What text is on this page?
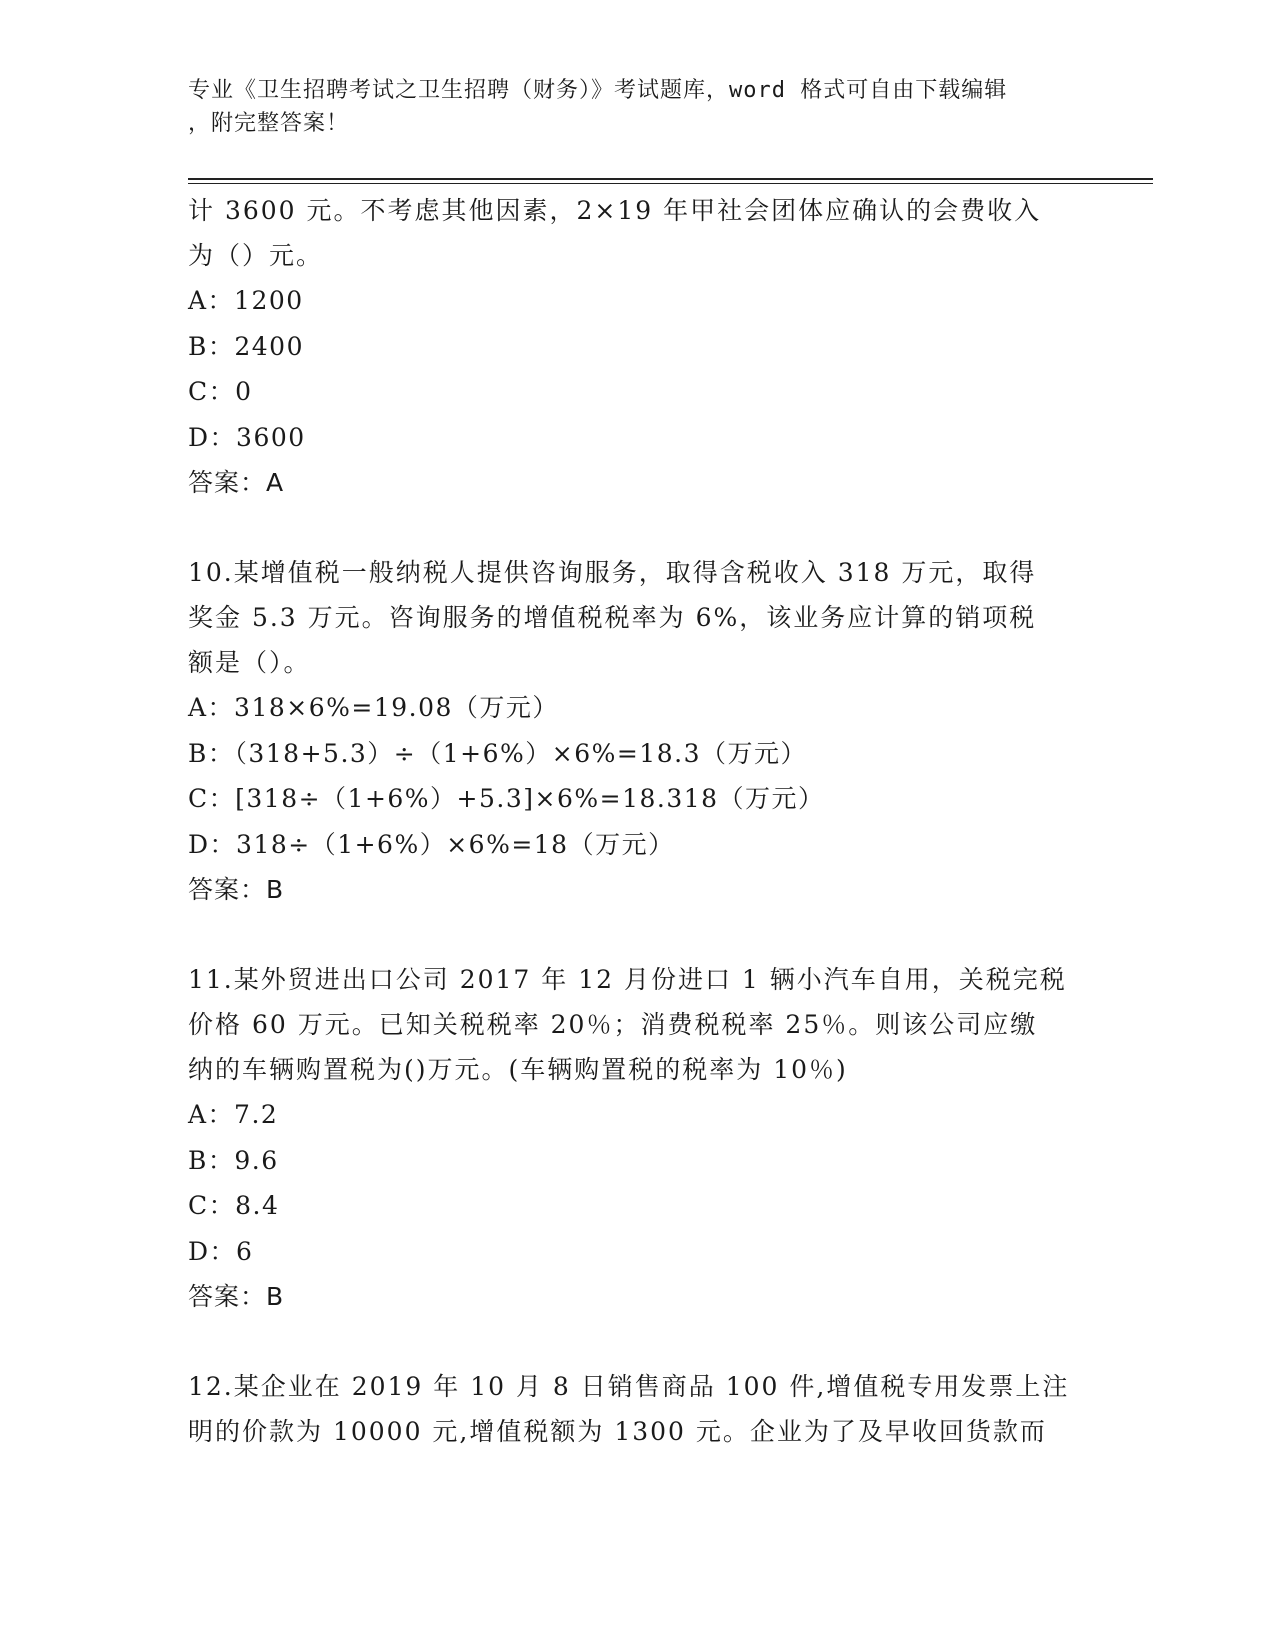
专业《卫生招聘考试之卫生招聘（财务）》考试题库，word 格式可自由下载编辑
，附完整答案！

计 3600 元。不考虑其他因素，2×19 年甲社会团体应确认的会费收入
为（）元。

A：1200

B：2400

C：0

D：3600

答案：A

10.某增值税一般纳税人提供咨询服务，取得含税收入 318 万元，取得
奖金 5.3 万元。咨询服务的增值税税率为 6%，该业务应计算的销项税
额是（）。

A：318×6%=19.08（万元）

B：（318+5.3）÷（1+6%）×6%=18.3（万元）

C：[318÷（1+6%）+5.3]×6%=18.318（万元）

D：318÷（1+6%）×6%=18（万元）

答案：B

11.某外贸进出口公司 2017 年 12 月份进口 1 辆小汽车自用，关税完税
价格 60 万元。已知关税税率 20％；消费税税率 25％。则该公司应缴
纳的车辆购置税为()万元。(车辆购置税的税率为 10％)

A：7.2

B：9.6

C：8.4

D：6

答案：B

12.某企业在 2019 年 10 月 8 日销售商品 100 件,增值税专用发票上注
明的价款为 10000 元,增值税额为 1300 元。企业为了及早收回货款而
